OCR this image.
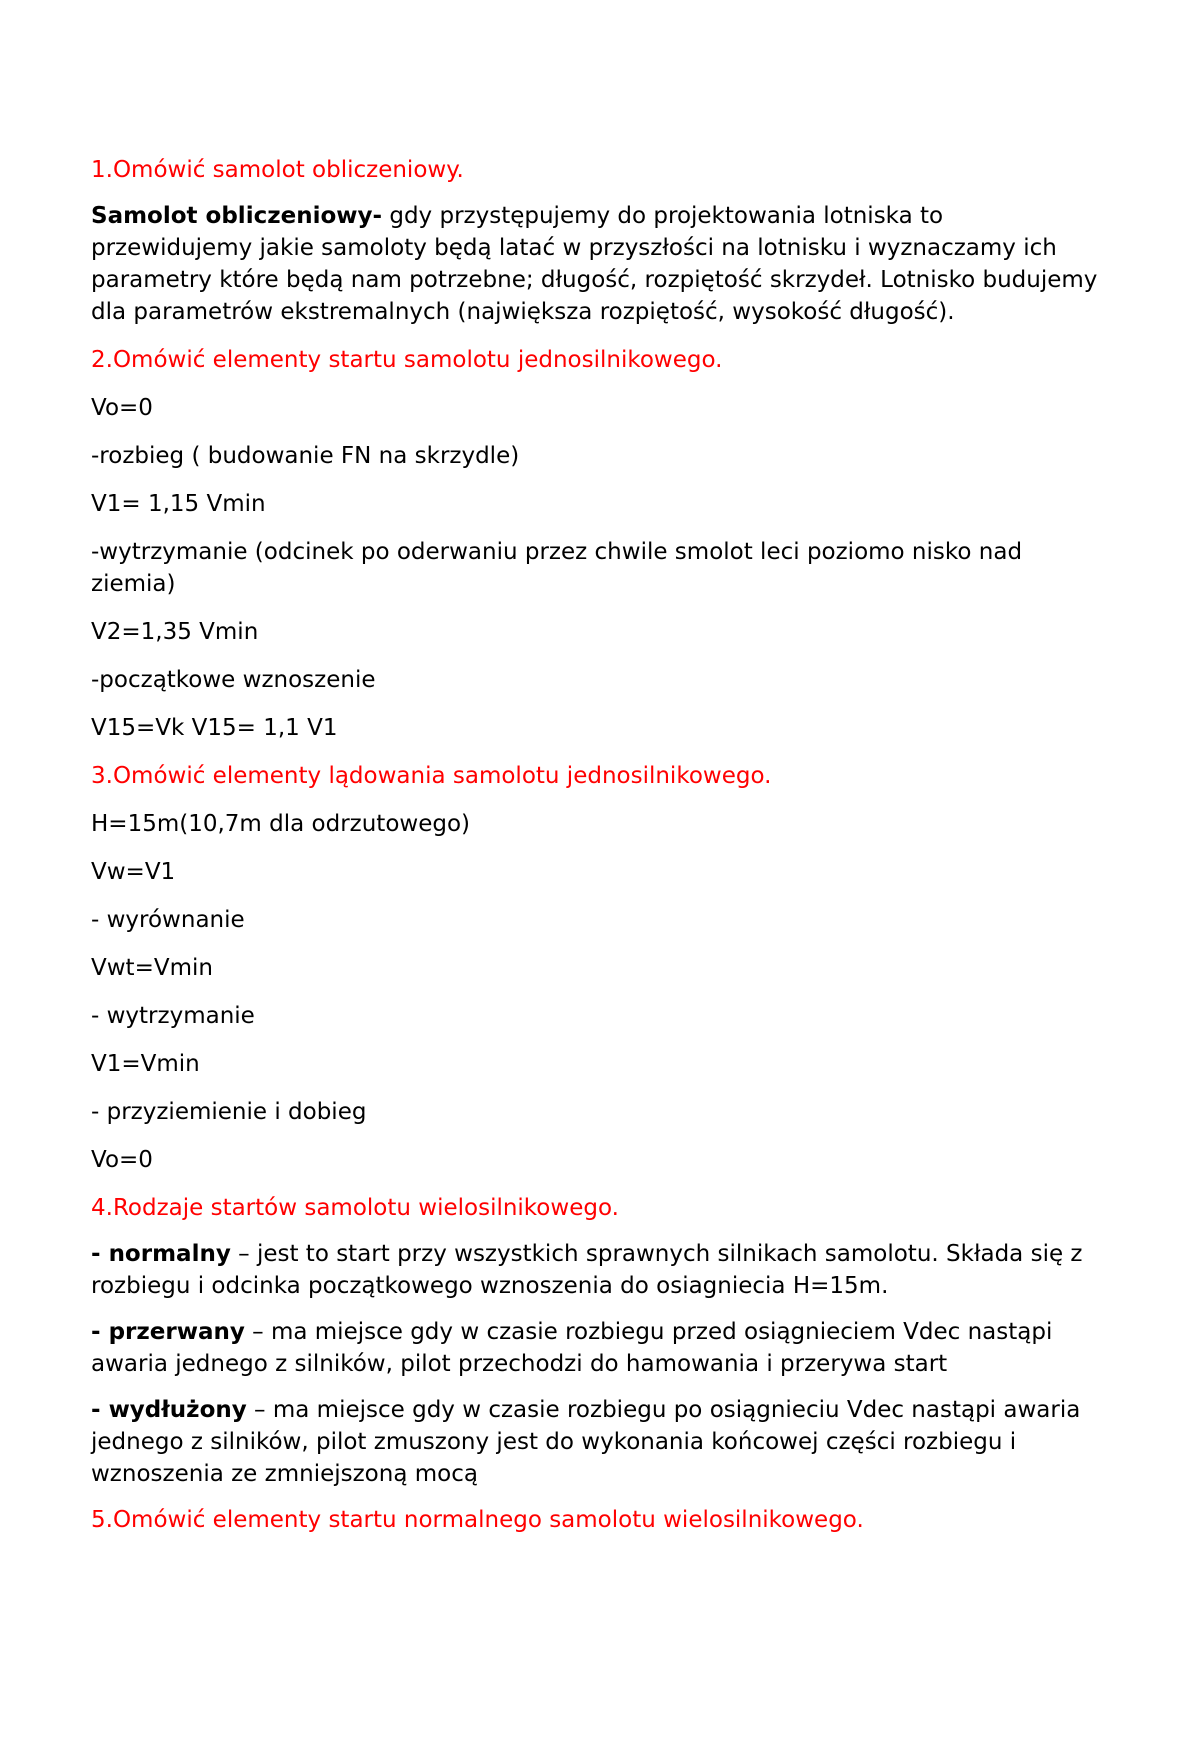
1.Omówić samolot obliczeniowy.

Samolot obliczeniowy- gdy przystępujemy do projektowania lotniska to przewidujemy jakie samoloty będą latać w przyszłości na lotnisku i wyznaczamy ich parametry które będą nam potrzebne; długość, rozpiętość skrzydeł. Lotnisko budujemy dla parametrów ekstremalnych (największa rozpiętość, wysokość długość).

2.Omówić elementy startu samolotu jednosilnikowego.

Vo=0

-rozbieg ( budowanie FN na skrzydle)

V1= 1,15 Vmin

-wytrzymanie (odcinek po oderwaniu przez chwile smolot leci poziomo nisko nad ziemia)

V2=1,35 Vmin

-początkowe wznoszenie

V15=Vk V15= 1,1 V1

3.Omówić elementy lądowania samolotu jednosilnikowego.

H=15m(10,7m dla odrzutowego)

Vw=V1

- wyrównanie

Vwt=Vmin

- wytrzymanie

V1=Vmin

- przyziemienie i dobieg

Vo=0

4.Rodzaje startów samolotu wielosilnikowego.

- normalny – jest to start przy wszystkich sprawnych silnikach samolotu. Składa się z rozbiegu i odcinka początkowego wznoszenia do osiagniecia H=15m.

- przerwany – ma miejsce gdy w czasie rozbiegu przed osiągnieciem Vdec nastąpi awaria jednego z silników, pilot przechodzi do hamowania i przerywa start

- wydłużony – ma miejsce gdy w czasie rozbiegu po osiągnieciu Vdec nastąpi awaria jednego z silników, pilot zmuszony jest do wykonania końcowej części rozbiegu i wznoszenia ze zmniejszoną mocą

5.Omówić elementy startu normalnego samolotu wielosilnikowego.
